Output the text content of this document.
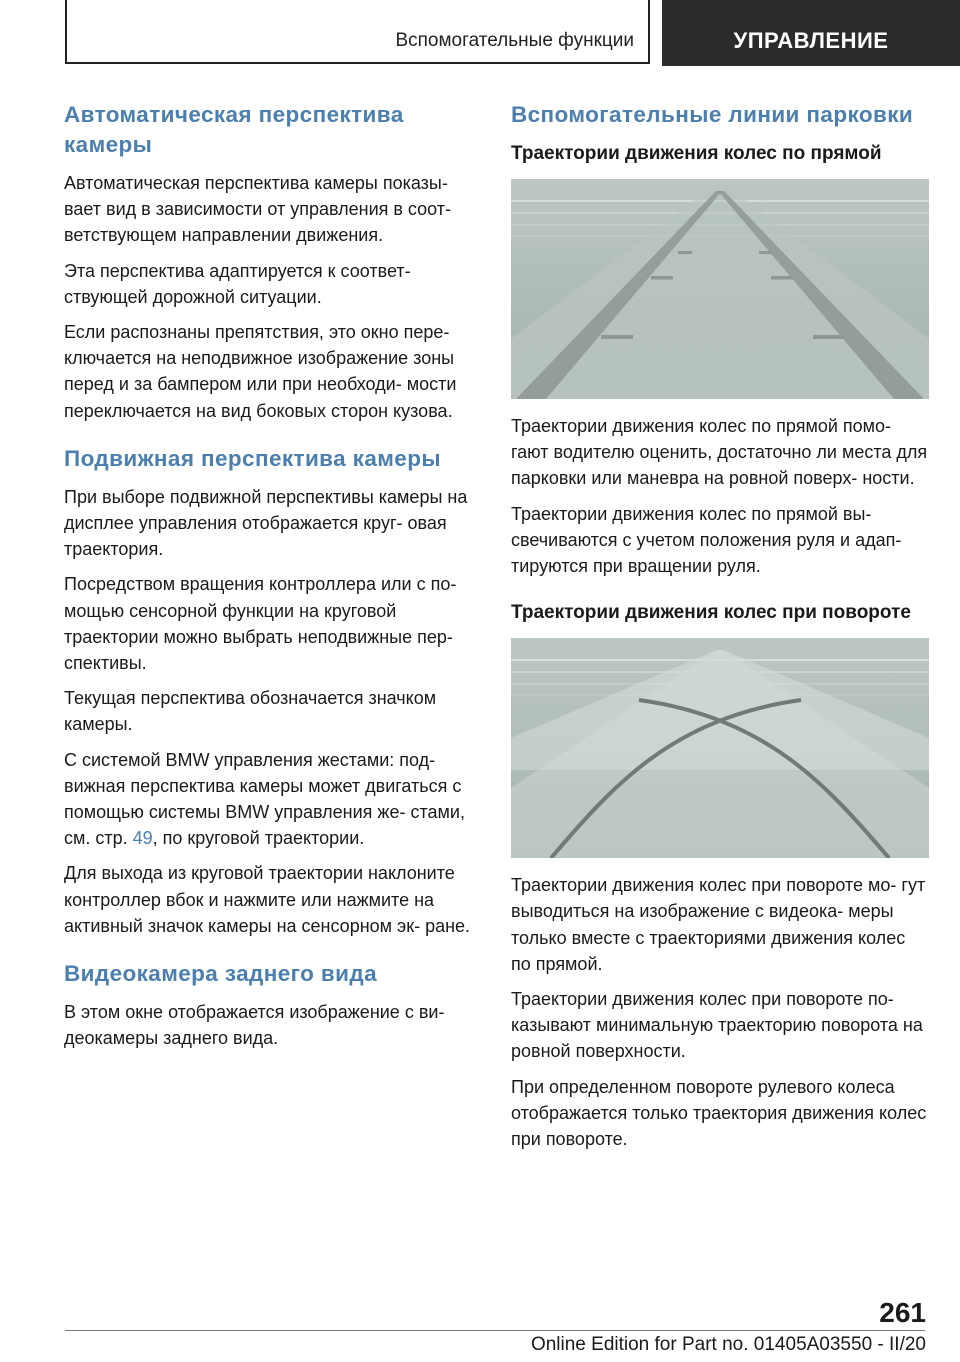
Вспомогательные функции	УПРАВЛЕНИЕ
Автоматическая перспектива камеры

Автоматическая перспектива камеры показы‐ вает вид в зависимости от управления в соот‐ ветствующем направлении движения.

Эта перспектива адаптируется к соответ‐ ствующей дорожной ситуации.

Если распознаны препятствия, это окно пере‐ ключается на неподвижное изображение зоны перед и за бампером или при необходи‐ мости переключается на вид боковых сторон кузова.

Подвижная перспектива камеры

При выборе подвижной перспективы камеры на дисплее управления отображается круг‐ овая траектория.

Посредством вращения контроллера или с по‐ мощью сенсорной функции на круговой траектории можно выбрать неподвижные пер‐ спективы.

Текущая перспектива обозначается значком камеры.

С системой BMW управления жестами: под‐ вижная перспектива камеры может двигаться с помощью системы BMW управления же‐ стами, см. стр. 49, по круговой траектории.

Для выхода из круговой траектории наклоните контроллер вбок и нажмите или нажмите на активный значок камеры на сенсорном эк‐ ране.

Видеокамера заднего вида

В этом окне отображается изображение с ви‐ деокамеры заднего вида.

Вспомогательные линии парковки
Траектории движения колес по прямой

Траектории движения колес по прямой помо‐ гают водителю оценить, достаточно ли места для парковки или маневра на ровной поверх‐ ности.

Траектории движения колес по прямой вы‐ свечиваются с учетом положения руля и адап‐ тируются при вращении руля.

Траектории движения колес при повороте

Траектории движения колес при повороте мо‐ гут выводиться на изображение с видеока‐ меры только вместе с траекториями движения колес по прямой.

Траектории движения колес при повороте по‐ казывают минимальную траекторию поворота на ровной поверхности.

При определенном повороте рулевого колеса отображается только траектория движения колес при повороте.

261
Online Edition for Part no. 01405A03550 - II/20
